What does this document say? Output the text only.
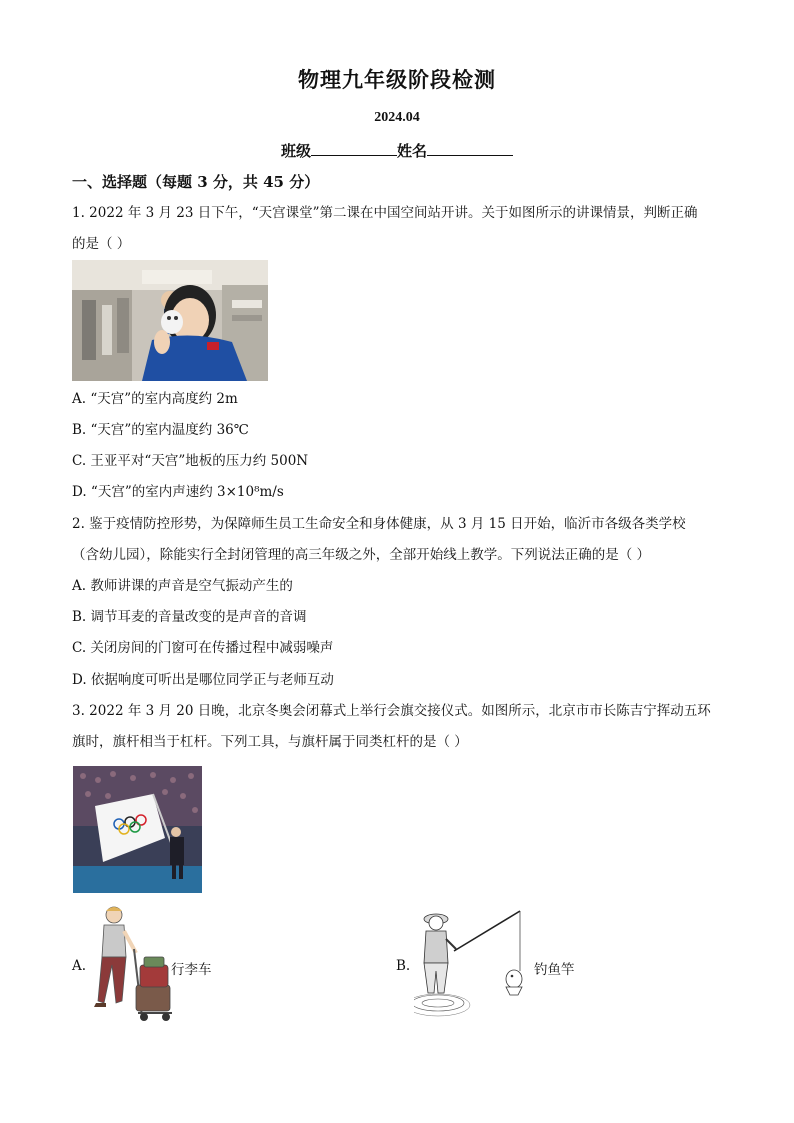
物理九年级阶段检测
2024.04
班级	姓名
一、选择题（每题 3 分，共 45 分）
1. 2022 年 3 月 23 日下午，“天宫课堂”第二课在中国空间站开讲。关于如图所示的讲课情景，判断正确
的是（ ）
A. “天宫”的室内高度约 2m
B. “天宫”的室内温度约 36℃
C. 王亚平对“天宫”地板的压力约 500N
D. “天宫”的室内声速约 3×10⁸m/s
2. 鉴于疫情防控形势，为保障师生员工生命安全和身体健康，从 3 月 15 日开始，临沂市各级各类学校
（含幼儿园），除能实行全封闭管理的高三年级之外，全部开始线上教学。下列说法正确的是（ ）
A. 教师讲课的声音是空气振动产生的
B. 调节耳麦的音量改变的是声音的音调
C. 关闭房间的门窗可在传播过程中减弱噪声
D. 依据响度可听出是哪位同学正与老师互动
3. 2022 年 3 月 20 日晚，北京冬奥会闭幕式上举行会旗交接仪式。如图所示，北京市市长陈吉宁挥动五环
旗时，旗杆相当于杠杆。下列工具，与旗杆属于同类杠杆的是（ ）
A.	行李车	B.	钓鱼竿
